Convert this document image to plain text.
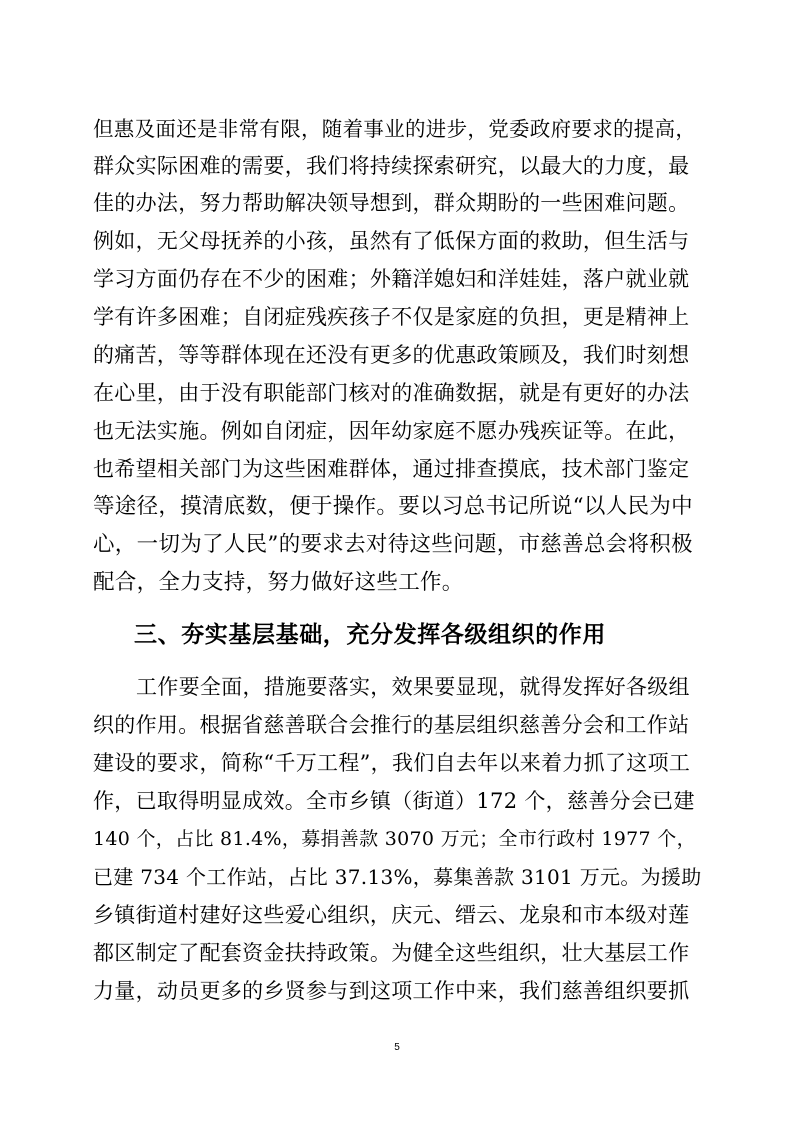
但惠及面还是非常有限，随着事业的进步，党委政府要求的提高，
群众实际困难的需要，我们将持续探索研究，以最大的力度，最
佳的办法，努力帮助解决领导想到，群众期盼的一些困难问题。
例如，无父母抚养的小孩，虽然有了低保方面的救助，但生活与
学习方面仍存在不少的困难；外籍洋媳妇和洋娃娃，落户就业就
学有许多困难；自闭症残疾孩子不仅是家庭的负担，更是精神上
的痛苦，等等群体现在还没有更多的优惠政策顾及，我们时刻想
在心里，由于没有职能部门核对的准确数据，就是有更好的办法
也无法实施。例如自闭症，因年幼家庭不愿办残疾证等。在此，
也希望相关部门为这些困难群体，通过排查摸底，技术部门鉴定
等途径，摸清底数，便于操作。要以习总书记所说“以人民为中
心，一切为了人民”的要求去对待这些问题，市慈善总会将积极
配合，全力支持，努力做好这些工作。
三、夯实基层基础，充分发挥各级组织的作用
工作要全面，措施要落实，效果要显现，就得发挥好各级组
织的作用。根据省慈善联合会推行的基层组织慈善分会和工作站
建设的要求，简称“千万工程”，我们自去年以来着力抓了这项工
作，已取得明显成效。全市乡镇（街道）172 个，慈善分会已建
140 个，占比 81.4%，募捐善款 3070 万元；全市行政村 1977 个，
已建 734 个工作站，占比 37.13%，募集善款 3101 万元。为援助
乡镇街道村建好这些爱心组织，庆元、缙云、龙泉和市本级对莲
都区制定了配套资金扶持政策。为健全这些组织，壮大基层工作
力量，动员更多的乡贤参与到这项工作中来，我们慈善组织要抓
5
